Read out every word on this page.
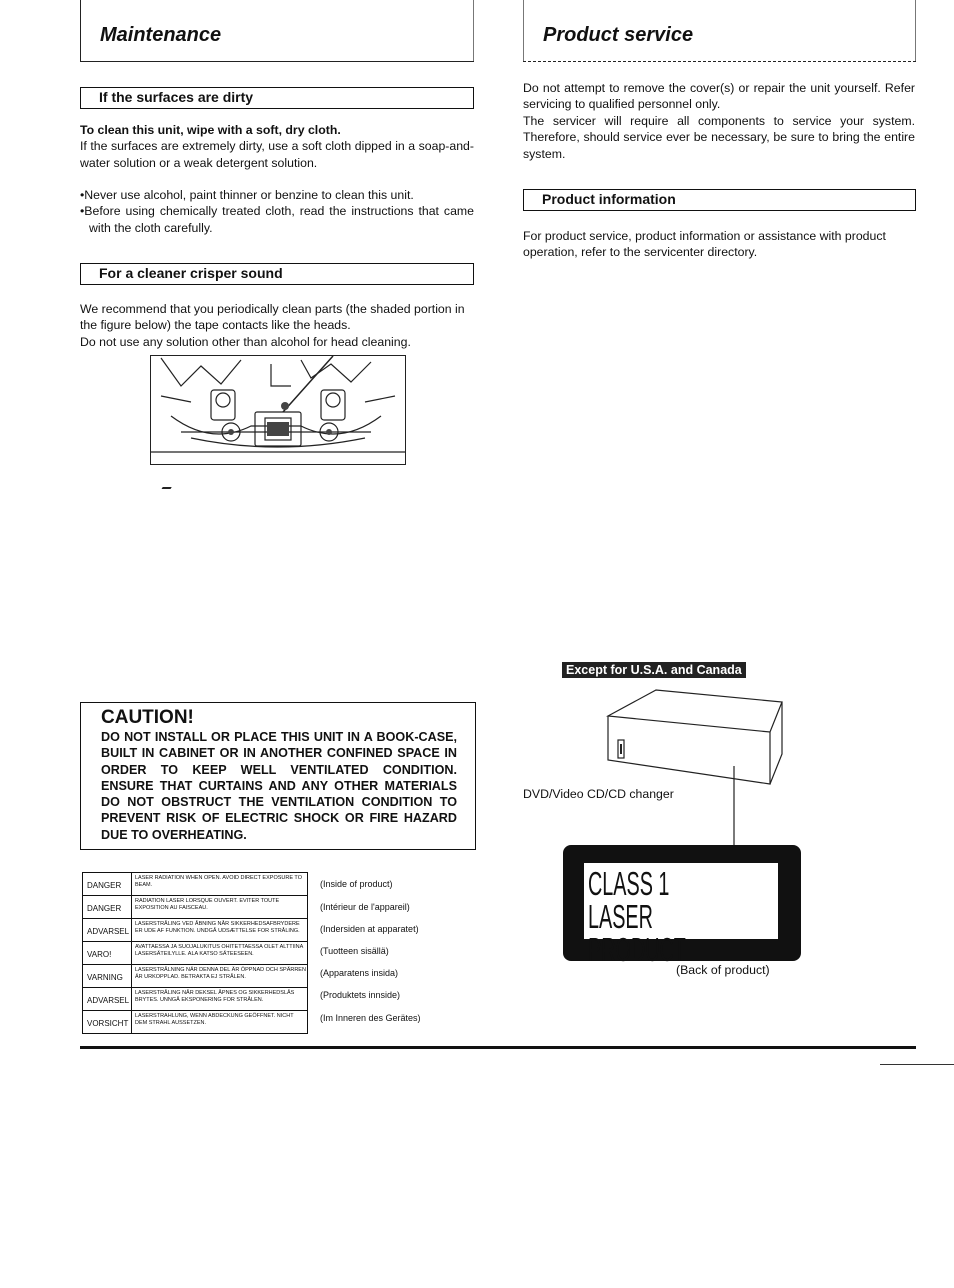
Maintenance	Product service
If the surfaces are dirty

To clean this unit, wipe with a soft, dry cloth.

If the surfaces are extremely dirty, use a soft cloth dipped in a soap-and-water solution or a weak detergent solution.

•Never use alcohol, paint thinner or benzine to clean this unit.

•Before using chemically treated cloth, read the instructions that came with the cloth carefully.

For a cleaner crisper sound

We recommend that you periodically clean parts (the shaded portion in the figure below) the tape contacts like the heads.

Do not use any solution other than alcohol for head cleaning.

Do not attempt to remove the cover(s) or repair the unit yourself. Refer servicing to qualified personnel only.

The servicer will require all components to service your system. Therefore, should service ever be necessary, be sure to bring the entire system.

Product information

For product service, product information or assistance with product operation, refer to the servicenter directory.

CAUTION!
DO NOT INSTALL OR PLACE THIS UNIT IN A BOOK-CASE, BUILT IN CABINET OR IN ANOTHER CONFINED SPACE IN ORDER TO KEEP WELL VENTILATED CONDITION. ENSURE THAT CURTAINS AND ANY OTHER MATERIALS DO NOT OBSTRUCT THE VENTILATION CONDITION TO PREVENT RISK OF ELECTRIC SHOCK OR FIRE HAZARD DUE TO OVERHEATING.
DANGER
LASER RADIATION WHEN OPEN. AVOID DIRECT EXPOSURE TO BEAM.
DANGER
RADIATION LASER LORSQUE OUVERT. EVITER TOUTE EXPOSITION AU FAISCEAU.
ADVARSEL
LASERSTRÅLING VED ÅBNING NÅR SIKKERHEDSAFBRYDERE ER UDE AF FUNKTION. UNDGÅ UDSÆTTELSE FOR STRÅLING.
VARO!
AVATTAESSA JA SUOJALUKITUS OHITETTAESSA OLET ALTTIINA LASERSÄTEILYLLE. ALA KATSO SÄTEESEEN.
VARNING
LASERSTRÅLNING NÄR DENNA DEL ÄR ÖPPNAD OCH SPÄRREN ÄR URKOPPLAD. BETRAKTA EJ STRÅLEN.
ADVARSEL
LASERSTRÅLING NÅR DEKSEL ÅPNES OG SIKKERHEDSLÅS BRYTES. UNNGÅ EKSPONERING FOR STRÅLEN.
VORSICHT
LASERSTRAHLUNG, WENN ABDECKUNG GEÖFFNET. NICHT DEM STRAHL AUSSETZEN.
(Inside of product)
(Intérieur de l'appareil)
(Indersiden at apparatet)
(Tuotteen sisällä)
(Apparatens insida)
(Produktets innside)
(Im Inneren des Gerätes)
Except for U.S.A. and Canada
DVD/Video CD/CD changer
CLASS 1
LASER PRODUCT
(Back of product)
